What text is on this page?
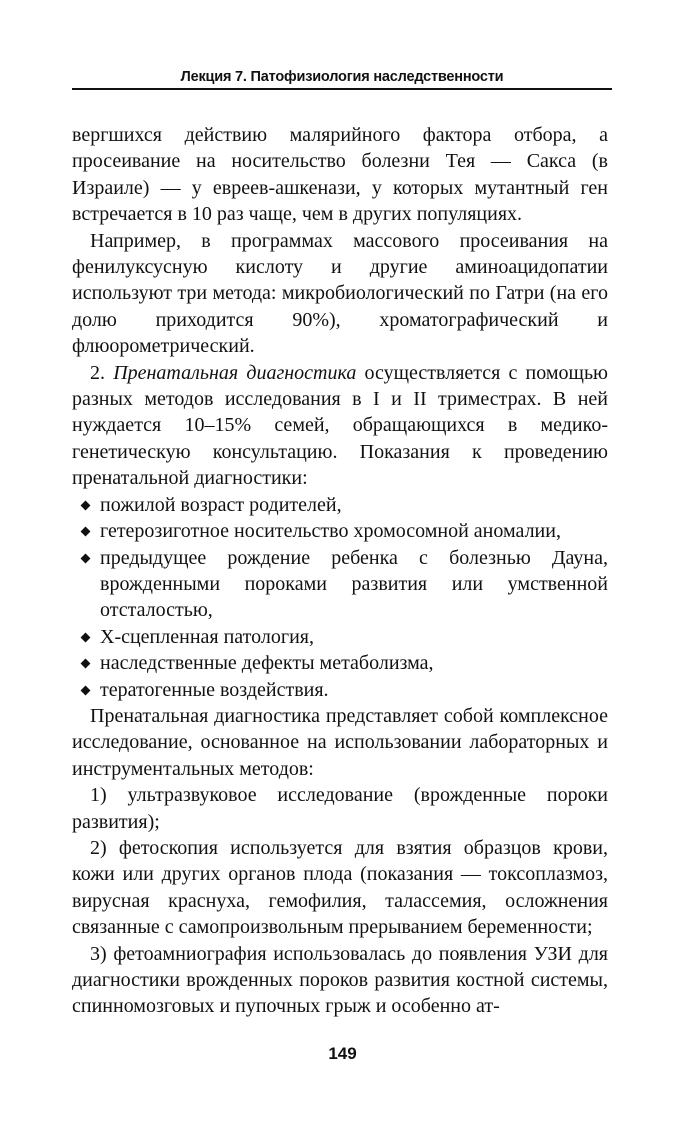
Лекция 7. Патофизиология наследственности

вергшихся действию малярийного фактора отбора, а просеивание на носительство болезни Тея — Сакса (в Израиле) — у евреев-ашкенази, у которых мутантный ген встречается в 10 раз чаще, чем в других популяциях.

Например, в программах массового просеивания на фенилуксусную кислоту и другие аминоацидопатии используют три метода: микробиологический по Гатри (на его долю приходится 90%), хроматографический и флюорометрический.

2. Пренатальная диагностика осуществляется с помощью разных методов исследования в I и II триместрах. В ней нуждается 10–15% семей, обращающихся в медико-генетическую консультацию. Показания к проведению пренатальной диагностики:

пожилой возраст родителей,
гетерозиготное носительство хромосомной аномалии,
предыдущее рождение ребенка с болезнью Дауна, врожденными пороками развития или умственной отсталостью,
Х-сцепленная патология,
наследственные дефекты метаболизма,
тератогенные воздействия.

Пренатальная диагностика представляет собой комплексное исследование, основанное на использовании лабораторных и инструментальных методов:

1) ультразвуковое исследование (врожденные пороки развития);

2) фетоскопия используется для взятия образцов крови, кожи или других органов плода (показания — токсоплазмоз, вирусная краснуха, гемофилия, талассемия, осложнения связанные с самопроизвольным прерыванием беременности;

3) фетоамниография использовалась до появления УЗИ для диагностики врожденных пороков развития костной системы, спинномозговых и пупочных грыж и особенно ат-

149
